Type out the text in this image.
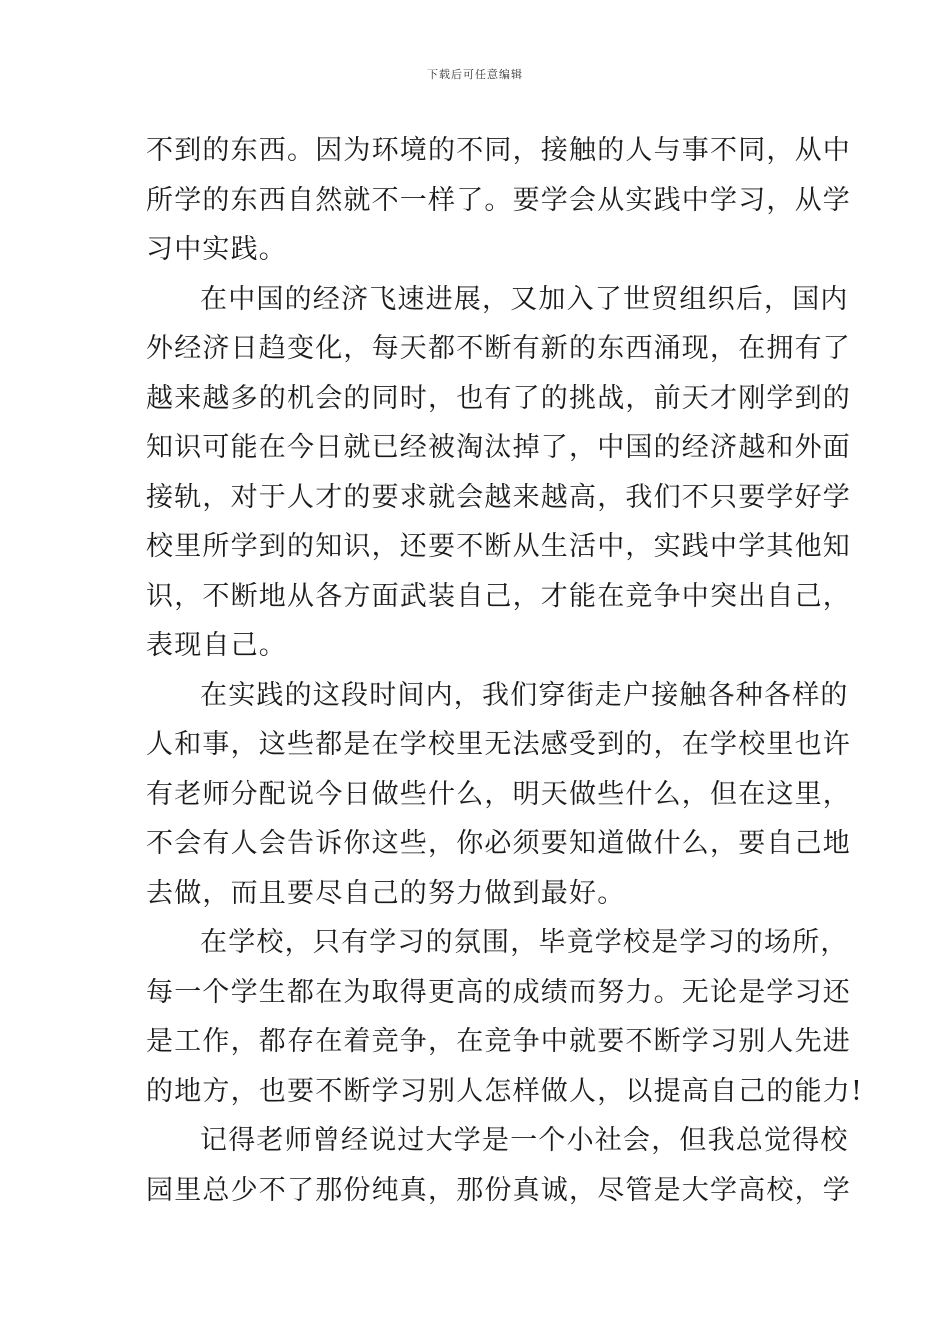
下载后可任意编辑
不到的东西。因为环境的不同，接触的人与事不同，从中
所学的东西自然就不一样了。要学会从实践中学习，从学
习中实践。
在中国的经济飞速进展，又加入了世贸组织后，国内
外经济日趋变化，每天都不断有新的东西涌现，在拥有了
越来越多的机会的同时，也有了的挑战，前天才刚学到的
知识可能在今日就已经被淘汰掉了，中国的经济越和外面
接轨，对于人才的要求就会越来越高，我们不只要学好学
校里所学到的知识，还要不断从生活中，实践中学其他知
识，不断地从各方面武装自己，才能在竞争中突出自己，
表现自己。
在实践的这段时间内，我们穿街走户接触各种各样的
人和事，这些都是在学校里无法感受到的，在学校里也许
有老师分配说今日做些什么，明天做些什么，但在这里，
不会有人会告诉你这些，你必须要知道做什么，要自己地
去做，而且要尽自己的努力做到最好。
在学校，只有学习的氛围，毕竟学校是学习的场所，
每一个学生都在为取得更高的成绩而努力。无论是学习还
是工作，都存在着竞争，在竞争中就要不断学习别人先进
的地方，也要不断学习别人怎样做人，以提高自己的能力!
记得老师曾经说过大学是一个小社会，但我总觉得校
园里总少不了那份纯真，那份真诚，尽管是大学高校，学
